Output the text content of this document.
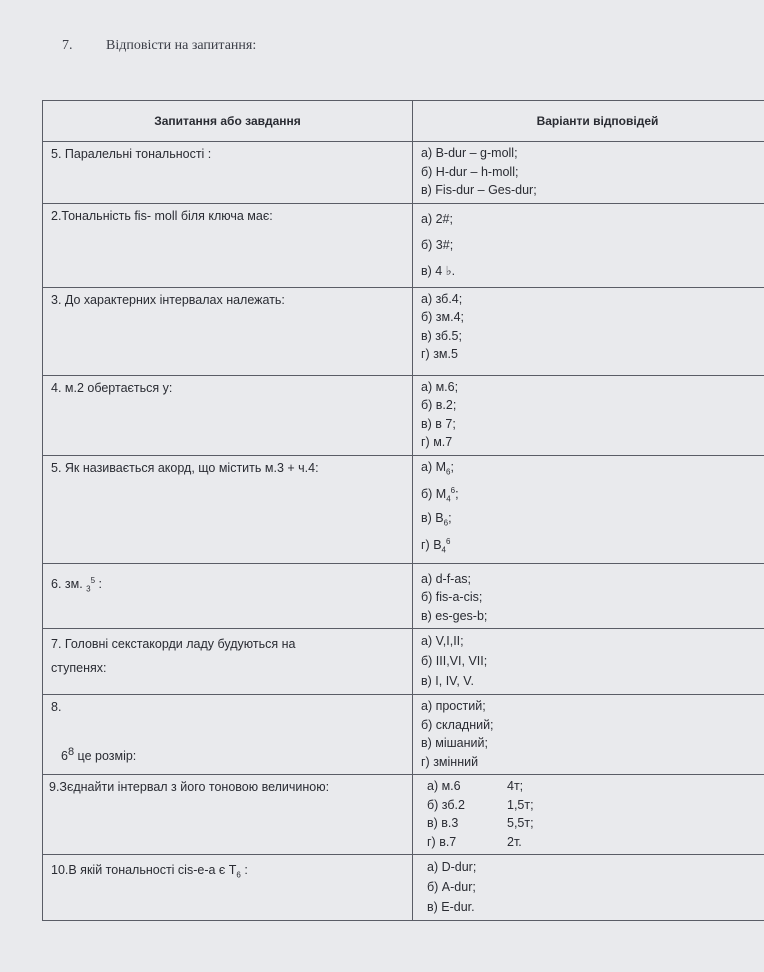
7. Відповісти на запитання:
Запитання або завдання	Варіанти відповідей
5. Паралельні тональності :	а) B-dur – g-moll;
б) H-dur – h-moll;
в) Fis-dur – Ges-dur;

2.Тональність fis- moll біля ключа має:	а) 2#;
б) 3#;
в) 4 ♭.

3. До характерних інтервалах належать:	а) зб.4;
б) зм.4;
в) зб.5;
г) зм.5

4. м.2 обертається у:	а) м.6;
б) в.2;
в) в 7;
г) м.7

5. Як називається акорд, що містить м.3 + ч.4:	а) $М_6$;
б) $М_4^6$;
в) $В_6$;
г) $В_4^6$

6. зм. $_3^5$ :	а) d-f-as;
б) fis-a-cis;
в) es-ges-b;

7. Головні секстакорди ладу будуються на ступенях:	а) V,I,II;
б) III,VI, VII;
в) I, IV, V.

8.
68 це розмір:	а) простий;
б) складний;
в) мішаний;
г) змінний

9.Зєднайти інтервал з його тоновою величиною:	а) м.6 4т;
б) зб.2 1,5т;
в) в.3 5,5т;
г) в.7 2т.

10.В якій тональності cis-e-a є $Т_6$ :	а) D-dur;
б) A-dur;
в) E-dur.
